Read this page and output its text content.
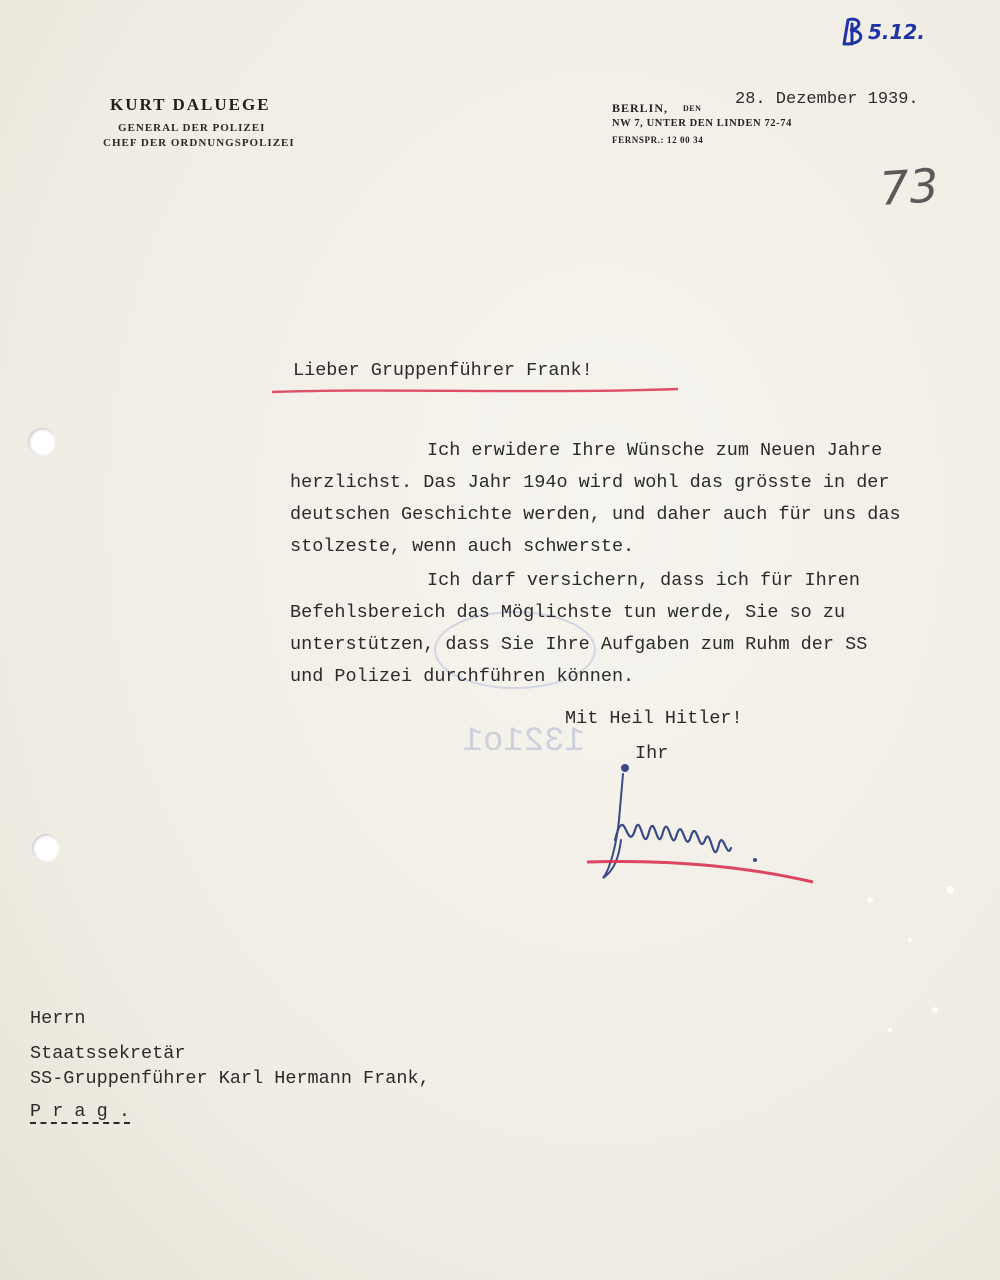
1321o1
KURT DALUEGE
GENERAL DER POLIZEI
CHEF DER ORDNUNGSPOLIZEI
BERLIN, DEN 28. Dezember 1939.
NW 7, UNTER DEN LINDEN 72-74
FERNSPR.: 12 00 34
5.12.
73
Lieber Gruppenführer Frank!
Ich erwidere Ihre Wünsche zum Neuen Jahre
herzlichst. Das Jahr 194o wird wohl das grösste in der
deutschen Geschichte werden, und daher auch für uns das
stolzeste, wenn auch schwerste.
Ich darf versichern, dass ich für Ihren
Befehlsbereich das Möglichste tun werde, Sie so zu
unterstützen, dass Sie Ihre Aufgaben zum Ruhm der SS
und Polizei durchführen können.
Mit Heil Hitler!
Ihr
Herrn
Staatssekretär
SS-Gruppenführer Karl Hermann Frank,
P r a g .
